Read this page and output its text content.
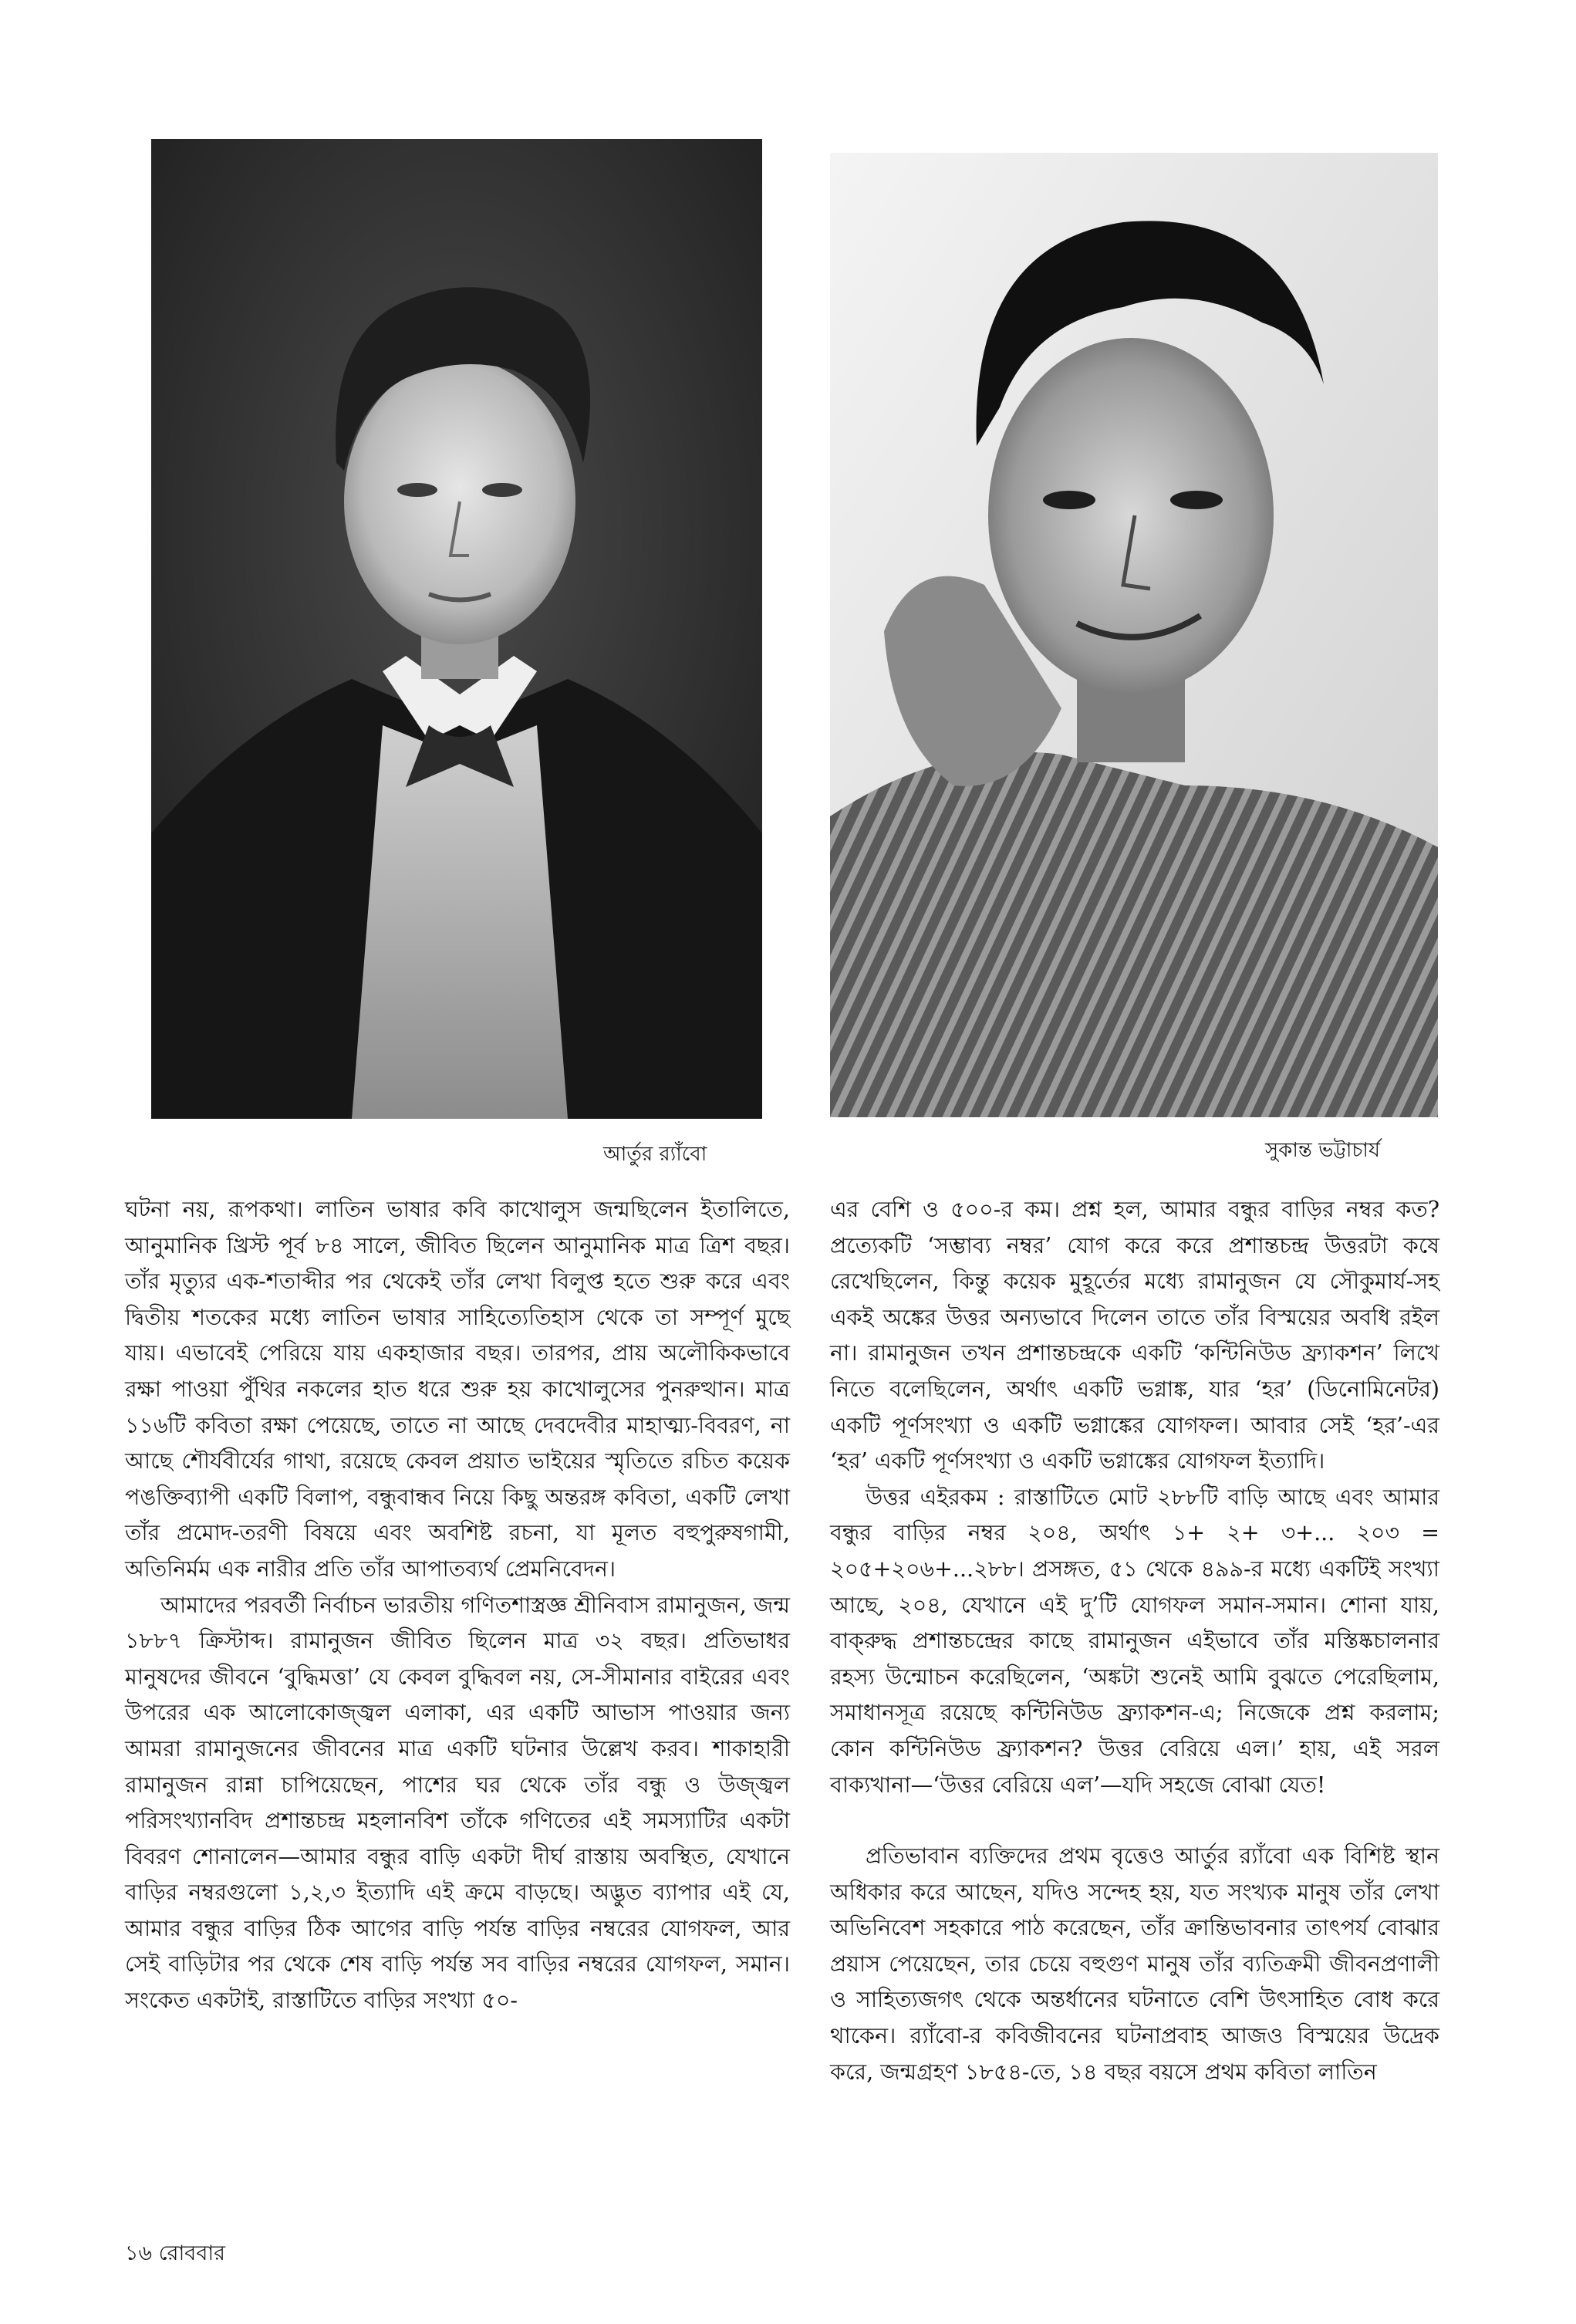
আর্তুর র‍্যাঁবো	সুকান্ত ভট্টাচার্য

ঘটনা নয়, রূপকথা। লাতিন ভাষার কবি কাখোলুস জন্মছিলেন ইতালিতে, আনুমানিক খ্রিস্ট পূর্ব ৮৪ সালে, জীবিত ছিলেন আনুমানিক মাত্র ত্রিশ বছর। তাঁর মৃত্যুর এক-শতাব্দীর পর থেকেই তাঁর লেখা বিলুপ্ত হতে শুরু করে এবং দ্বিতীয় শতকের মধ্যে লাতিন ভাষার সাহিত্যেতিহাস থেকে তা সম্পূর্ণ মুছে যায়। এভাবেই পেরিয়ে যায় একহাজার বছর। তারপর, প্রায় অলৌকিকভাবে রক্ষা পাওয়া পুঁথির নকলের হাত ধরে শুরু হয় কাখোলুসের পুনরুত্থান। মাত্র ১১৬টি কবিতা রক্ষা পেয়েছে, তাতে না আছে দেবদেবীর মাহাত্ম্য-বিবরণ, না আছে শৌর্যবীর্যের গাথা, রয়েছে কেবল প্রয়াত ভাইয়ের স্মৃতিতে রচিত কয়েক পঙক্তিব্যাপী একটি বিলাপ, বন্ধুবান্ধব নিয়ে কিছু অন্তরঙ্গ কবিতা, একটি লেখা তাঁর প্রমোদ-তরণী বিষয়ে এবং অবশিষ্ট রচনা, যা মূলত বহুপুরুষগামী, অতিনির্মম এক নারীর প্রতি তাঁর আপাতব্যর্থ প্রেমনিবেদন।

আমাদের পরবর্তী নির্বাচন ভারতীয় গণিতশাস্ত্রজ্ঞ শ্রীনিবাস রামানুজন, জন্ম ১৮৮৭ ক্রিস্টাব্দ। রামানুজন জীবিত ছিলেন মাত্র ৩২ বছর। প্রতিভাধর মানুষদের জীবনে ‘বুদ্ধিমত্তা’ যে কেবল বুদ্ধিবল নয়, সে-সীমানার বাইরের এবং উপরের এক আলোকোজ্জ্বল এলাকা, এর একটি আভাস পাওয়ার জন্য আমরা রামানুজনের জীবনের মাত্র একটি ঘটনার উল্লেখ করব। শাকাহারী রামানুজন রান্না চাপিয়েছেন, পাশের ঘর থেকে তাঁর বন্ধু ও উজ্জ্বল পরিসংখ্যানবিদ প্রশান্তচন্দ্র মহলানবিশ তাঁকে গণিতের এই সমস্যাটির একটা বিবরণ শোনালেন—আমার বন্ধুর বাড়ি একটা দীর্ঘ রাস্তায় অবস্থিত, যেখানে বাড়ির নম্বরগুলো ১,২,৩ ইত্যাদি এই ক্রমে বাড়ছে। অদ্ভুত ব্যাপার এই যে, আমার বন্ধুর বাড়ির ঠিক আগের বাড়ি পর্যন্ত বাড়ির নম্বরের যোগফল, আর সেই বাড়িটার পর থেকে শেষ বাড়ি পর্যন্ত সব বাড়ির নম্বরের যোগফল, সমান। সংকেত একটাই, রাস্তাটিতে বাড়ির সংখ্যা ৫০-

এর বেশি ও ৫০০-র কম। প্রশ্ন হল, আমার বন্ধুর বাড়ির নম্বর কত? প্রত্যেকটি ‘সম্ভাব্য নম্বর’ যোগ করে করে প্রশান্তচন্দ্র উত্তরটা কষে রেখেছিলেন, কিন্তু কয়েক মুহূর্তের মধ্যে রামানুজন যে সৌকুমার্য-সহ একই অঙ্কের উত্তর অন্যভাবে দিলেন তাতে তাঁর বিস্ময়ের অবধি রইল না। রামানুজন তখন প্রশান্তচন্দ্রকে একটি ‘কন্টিনিউড ফ্র্যাকশন’ লিখে নিতে বলেছিলেন, অর্থাৎ একটি ভগ্নাঙ্ক, যার ‘হর’ (ডিনোমিনেটর) একটি পূর্ণসংখ্যা ও একটি ভগ্নাঙ্কের যোগফল। আবার সেই ‘হর’-এর ‘হর’ একটি পূর্ণসংখ্যা ও একটি ভগ্নাঙ্কের যোগফল ইত্যাদি।

উত্তর এইরকম : রাস্তাটিতে মোট ২৮৮টি বাড়ি আছে এবং আমার বন্ধুর বাড়ির নম্বর ২০৪, অর্থাৎ ১+ ২+ ৩+... ২০৩ = ২০৫+২০৬+...২৮৮। প্রসঙ্গত, ৫১ থেকে ৪৯৯-র মধ্যে একটিই সংখ্যা আছে, ২০৪, যেখানে এই দু’টি যোগফল সমান-সমান। শোনা যায়, বাক্‌রুদ্ধ প্রশান্তচন্দ্রের কাছে রামানুজন এইভাবে তাঁর মস্তিষ্কচালনার রহস্য উন্মোচন করেছিলেন, ‘অঙ্কটা শুনেই আমি বুঝতে পেরেছিলাম, সমাধানসূত্র রয়েছে কন্টিনিউড ফ্র্যাকশন-এ; নিজেকে প্রশ্ন করলাম; কোন কন্টিনিউড ফ্র্যাকশন? উত্তর বেরিয়ে এল।’ হায়, এই সরল বাক্যখানা—‘উত্তর বেরিয়ে এল’—যদি সহজে বোঝা যেত!

প্রতিভাবান ব্যক্তিদের প্রথম বৃত্তেও আর্তুর র‍্যাঁবো এক বিশিষ্ট স্থান অধিকার করে আছেন, যদিও সন্দেহ হয়, যত সংখ্যক মানুষ তাঁর লেখা অভিনিবেশ সহকারে পাঠ করেছেন, তাঁর ক্রান্তিভাবনার তাৎপর্য বোঝার প্রয়াস পেয়েছেন, তার চেয়ে বহুগুণ মানুষ তাঁর ব্যতিক্রমী জীবনপ্রণালী ও সাহিত্যজগৎ থেকে অন্তর্ধানের ঘটনাতে বেশি উৎসাহিত বোধ করে থাকেন। র‍্যাঁবো-র কবিজীবনের ঘটনাপ্রবাহ আজও বিস্ময়ের উদ্রেক করে, জন্মগ্রহণ ১৮৫৪-তে, ১৪ বছর বয়সে প্রথম কবিতা লাতিন

১৬ রোববার
